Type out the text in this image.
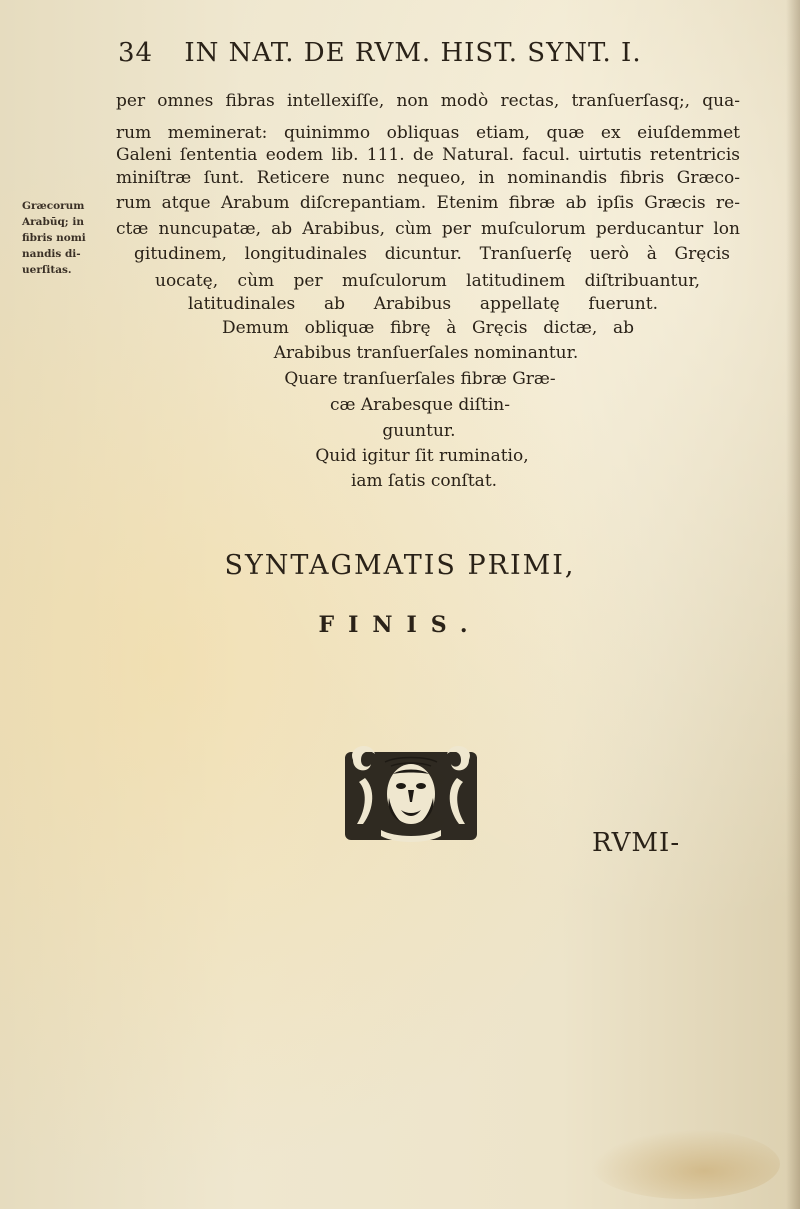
34 IN NAT. DE RVM. HIST. SYNT. I.
Græcorum
Arabūq; in
fibris nomi
nandis di-
uerſitas.
per omnes fibras intellexiſſe, non modò rectas, tranſuerſasq;, qua-
rum meminerat: quinimmo obliquas etiam, quæ ex eiuſdemmet
Galeni ſententia eodem lib. 111. de Natural. facul. uirtutis retentricis
miniſtræ ſunt. Reticere nunc nequeo, in nominandis fibris Græco-
rum atque Arabum diſcrepantiam. Etenim fibræ ab ipſis Græcis re-
ctæ nuncupatæ, ab Arabibus, cùm per muſculorum perducantur lon
gitudinem, longitudinales dicuntur. Tranſuerſę uerò à Gręcis
uocatę, cùm per muſculorum latitudinem diſtribuantur,
latitudinales ab Arabibus appellatę fuerunt.
Demum obliquæ fibrę à Gręcis dictæ, ab
Arabibus tranſuerſales nominantur.
Quare tranſuerſales fibræ Græ-
cæ Arabesque diſtin-
guuntur.
Quid igitur ſit ruminatio,
iam ſatis conſtat.
SYNTAGMATIS PRIMI,
FINIS.
RVMI-
